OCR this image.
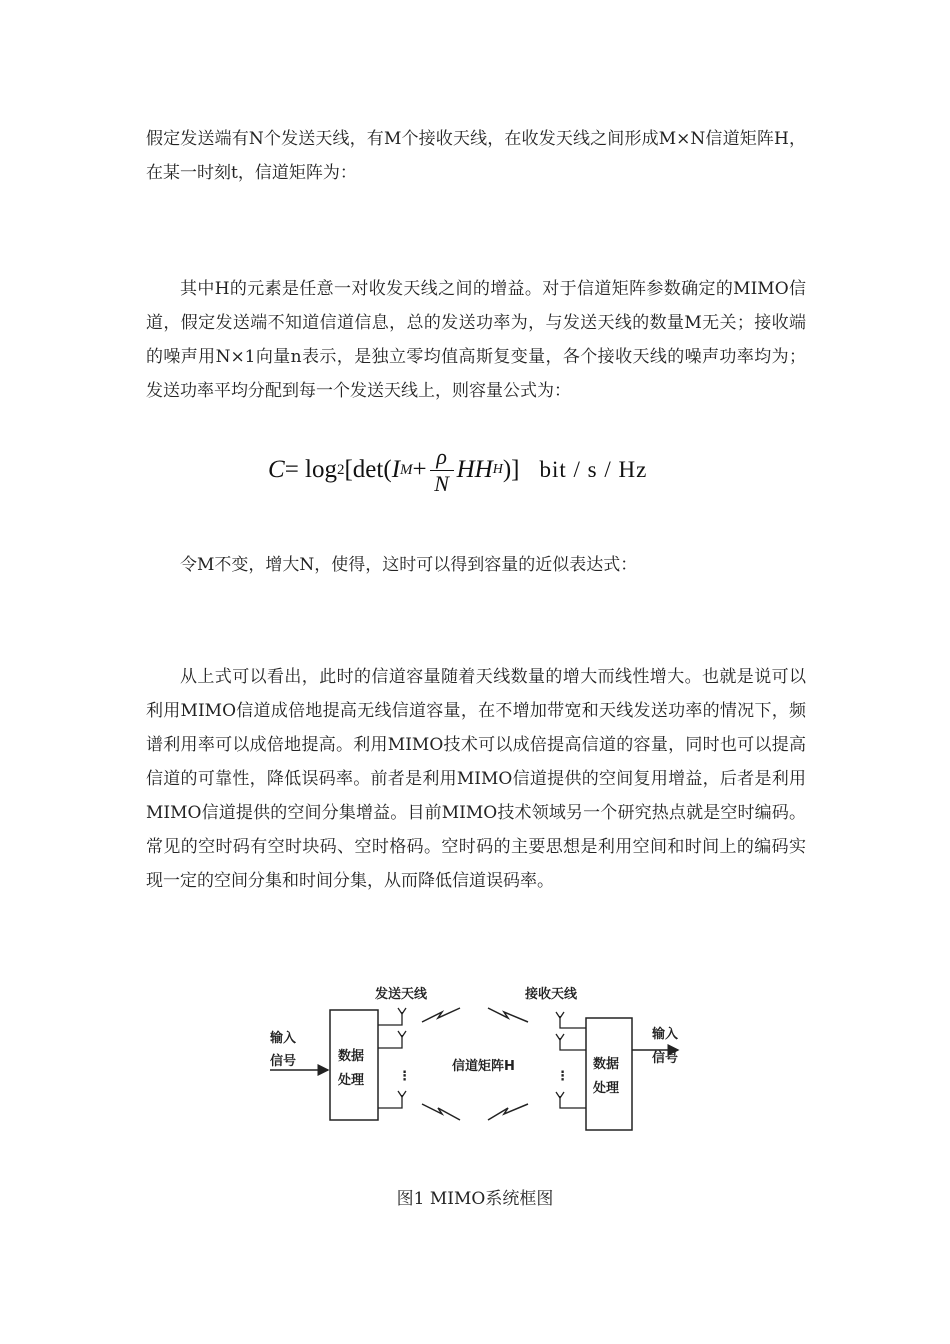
假定发送端有N个发送天线，有M个接收天线，在收发天线之间形成M×N信道矩阵H，在某一时刻t，信道矩阵为：

其中H的元素是任意一对收发天线之间的增益。对于信道矩阵参数确定的MIMO信道，假定发送端不知道信道信息，总的发送功率为，与发送天线的数量M无关；接收端的噪声用N×1向量n表示，是独立零均值高斯复变量，各个接收天线的噪声功率均为；发送功率平均分配到每一个发送天线上，则容量公式为：

C = log 2 [det( I $M + \frac{\rho}{N}$ HH H )] bit / s / Hz

令M不变，增大N，使得，这时可以得到容量的近似表达式：

从上式可以看出，此时的信道容量随着天线数量的增大而线性增大。也就是说可以利用MIMO信道成倍地提高无线信道容量，在不增加带宽和天线发送功率的情况下，频谱利用率可以成倍地提高。利用MIMO技术可以成倍提高信道的容量，同时也可以提高信道的可靠性，降低误码率。前者是利用MIMO信道提供的空间复用增益，后者是利用MIMO信道提供的空间分集增益。目前MIMO技术领域另一个研究热点就是空时编码。常见的空时码有空时块码、空时格码。空时码的主要思想是利用空间和时间上的编码实现一定的空间分集和时间分集，从而降低信道误码率。

发送天线	接收天线
输入
信号	数据
处理	⋮
信道矩阵H
⋮
数据
处理
输入
信号

图1 MIMO系统框图
